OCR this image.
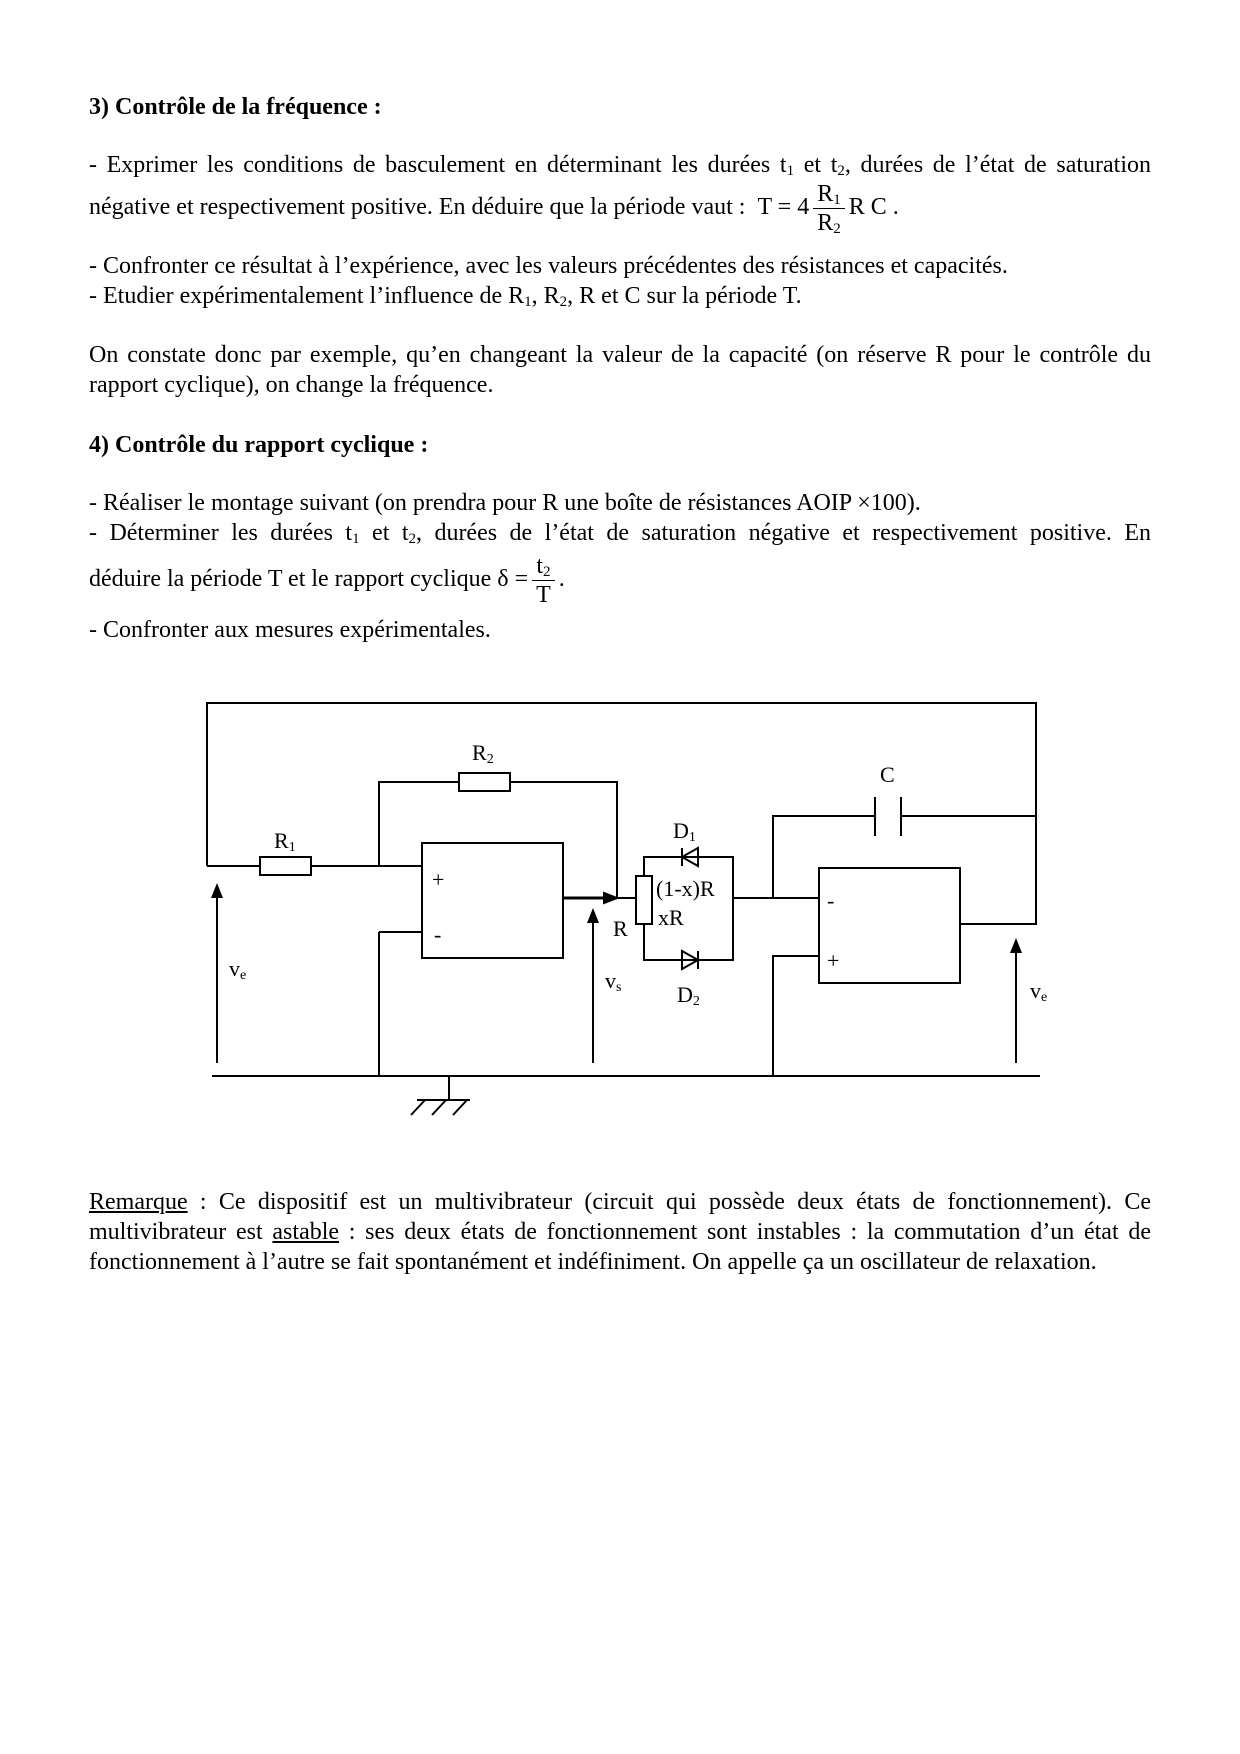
3) Contrôle de la fréquence :

- Exprimer les conditions de basculement en déterminant les durées $t_1$ et $t_2$, durées de l’état de saturation

négative et respectivement positive. En déduire que la période vaut : $T = 4 \frac{R_1}{R_2}$ R C .

- Confronter ce résultat à l’expérience, avec les valeurs précédentes des résistances et capacités.

- Etudier expérimentalement l’influence de $R_1$, $R_2$, R et C sur la période T.

On constate donc par exemple, qu’en changeant la valeur de la capacité (on réserve R pour le contrôle du rapport cyclique), on change la fréquence.

4) Contrôle du rapport cyclique :

- Réaliser le montage suivant (on prendra pour R une boîte de résistances AOIP ×100).

- Déterminer les durées $t_1$ et $t_2$, durées de l’état de saturation négative et respectivement positive. En

déduire la période T et le rapport cyclique $\delta = \frac{t_2}{T}$ .

- Confronter aux mesures expérimentales.

R2
R1
C
D1
D2
(1-x)R
xR
R
+
-
-
+
ve	vs	ve

Remarque : Ce dispositif est un multivibrateur (circuit qui possède deux états de fonctionnement). Ce multivibrateur est astable : ses deux états de fonctionnement sont instables : la commutation d’un état de fonctionnement à l’autre se fait spontanément et indéfiniment. On appelle ça un oscillateur de relaxation.
